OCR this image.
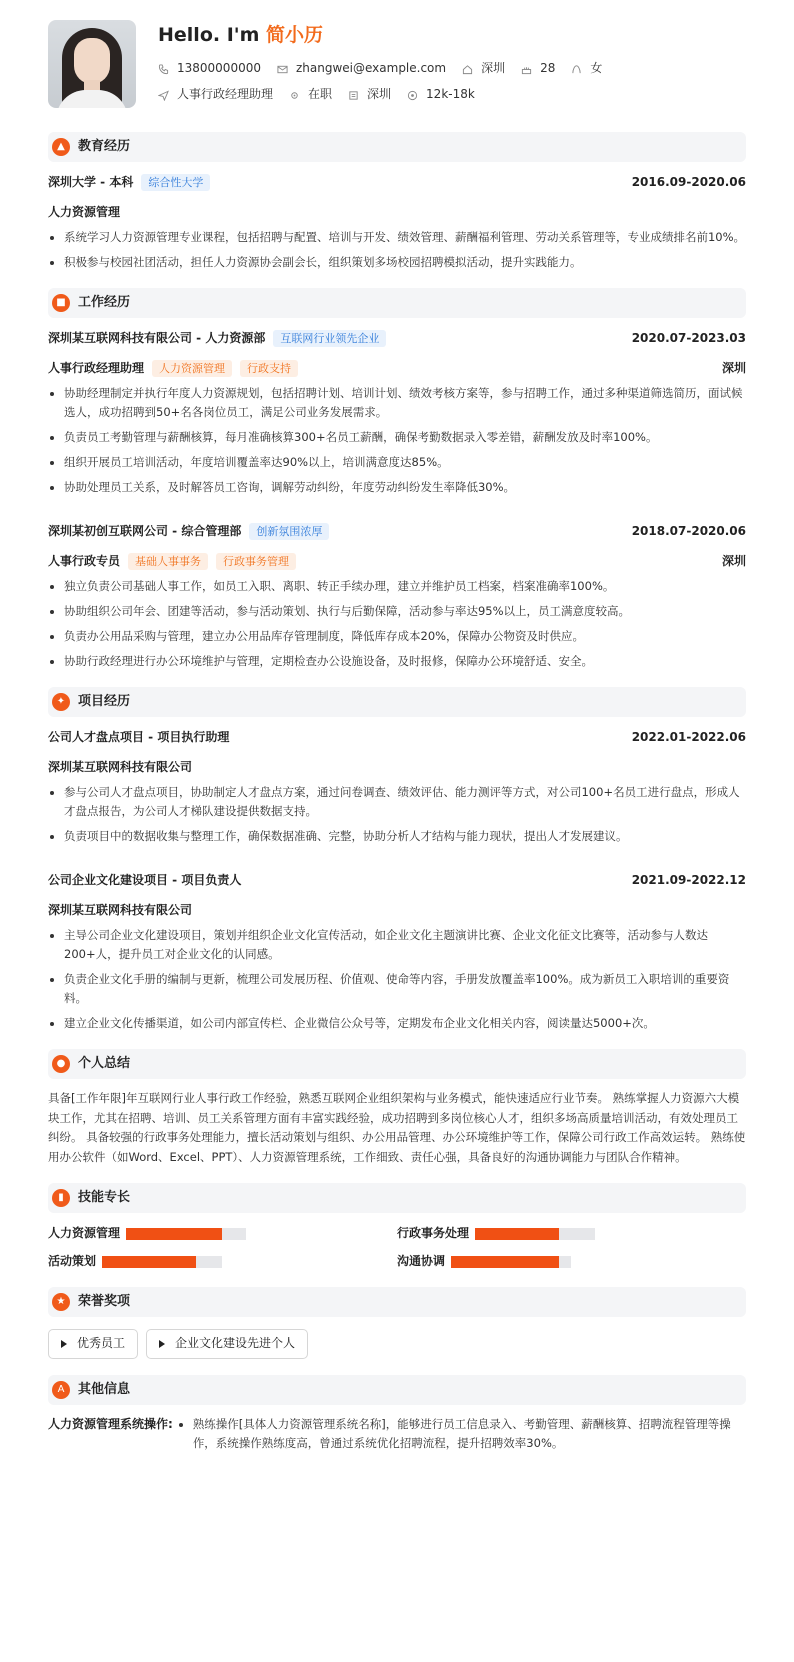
Hello. I'm 简小历
13800000000	zhangwei@example.com	深圳	28	女
人事行政经理助理	在职	深圳	12k-18k
▲	教育经历
深圳大学 - 本科	综合性大学	2016.09-2020.06
人力资源管理
系统学习人力资源管理专业课程，包括招聘与配置、培训与开发、绩效管理、薪酬福利管理、劳动关系管理等，专业成绩排名前10%。
积极参与校园社团活动，担任人力资源协会副会长，组织策划多场校园招聘模拟活动，提升实践能力。
■ 工作经历
深圳某互联网科技有限公司 - 人力资源部	互联网行业领先企业	2020.07-2023.03
人事行政经理助理	人力资源管理	行政支持	深圳
协助经理制定并执行年度人力资源规划，包括招聘计划、培训计划、绩效考核方案等，参与招聘工作，通过多种渠道筛选简历，面试候选人，成功招聘到50+名各岗位员工，满足公司业务发展需求。
负责员工考勤管理与薪酬核算，每月准确核算300+名员工薪酬，确保考勤数据录入零差错，薪酬发放及时率100%。
组织开展员工培训活动，年度培训覆盖率达90%以上，培训满意度达85%。
协助处理员工关系，及时解答员工咨询，调解劳动纠纷，年度劳动纠纷发生率降低30%。
深圳某初创互联网公司 - 综合管理部	创新氛围浓厚	2018.07-2020.06
人事行政专员	基础人事事务	行政事务管理	深圳
独立负责公司基础人事工作，如员工入职、离职、转正手续办理，建立并维护员工档案，档案准确率100%。
协助组织公司年会、团建等活动，参与活动策划、执行与后勤保障，活动参与率达95%以上，员工满意度较高。
负责办公用品采购与管理，建立办公用品库存管理制度，降低库存成本20%，保障办公物资及时供应。
协助行政经理进行办公环境维护与管理，定期检查办公设施设备，及时报修，保障办公环境舒适、安全。
✦ 项目经历
公司人才盘点项目 - 项目执行助理	2022.01-2022.06
深圳某互联网科技有限公司
参与公司人才盘点项目，协助制定人才盘点方案，通过问卷调查、绩效评估、能力测评等方式，对公司100+名员工进行盘点，形成人才盘点报告，为公司人才梯队建设提供数据支持。
负责项目中的数据收集与整理工作，确保数据准确、完整，协助分析人才结构与能力现状，提出人才发展建议。
公司企业文化建设项目 - 项目负责人	2021.09-2022.12
深圳某互联网科技有限公司
主导公司企业文化建设项目，策划并组织企业文化宣传活动，如企业文化主题演讲比赛、企业文化征文比赛等，活动参与人数达200+人，提升员工对企业文化的认同感。
负责企业文化手册的编制与更新，梳理公司发展历程、价值观、使命等内容，手册发放覆盖率100%。成为新员工入职培训的重要资料。
建立企业文化传播渠道，如公司内部宣传栏、企业微信公众号等，定期发布企业文化相关内容，阅读量达5000+次。
● 个人总结
具备[工作年限]年互联网行业人事行政工作经验，熟悉互联网企业组织架构与业务模式，能快速适应行业节奏。 熟练掌握人力资源六大模块工作，尤其在招聘、培训、员工关系管理方面有丰富实践经验，成功招聘到多岗位核心人才，组织多场高质量培训活动，有效处理员工纠纷。 具备较强的行政事务处理能力，擅长活动策划与组织、办公用品管理、办公环境维护等工作，保障公司行政工作高效运转。 熟练使用办公软件（如Word、Excel、PPT）、人力资源管理系统，工作细致、责任心强，具备良好的沟通协调能力与团队合作精神。
▮	技能专长
人力资源管理	行政事务处理
活动策划	沟通协调
★ 荣誉奖项
优秀员工	企业文化建设先进个人
A	其他信息
人力资源管理系统操作:	熟练操作[具体人力资源管理系统名称]，能够进行员工信息录入、考勤管理、薪酬核算、招聘流程管理等操作，系统操作熟练度高，曾通过系统优化招聘流程，提升招聘效率30%。
